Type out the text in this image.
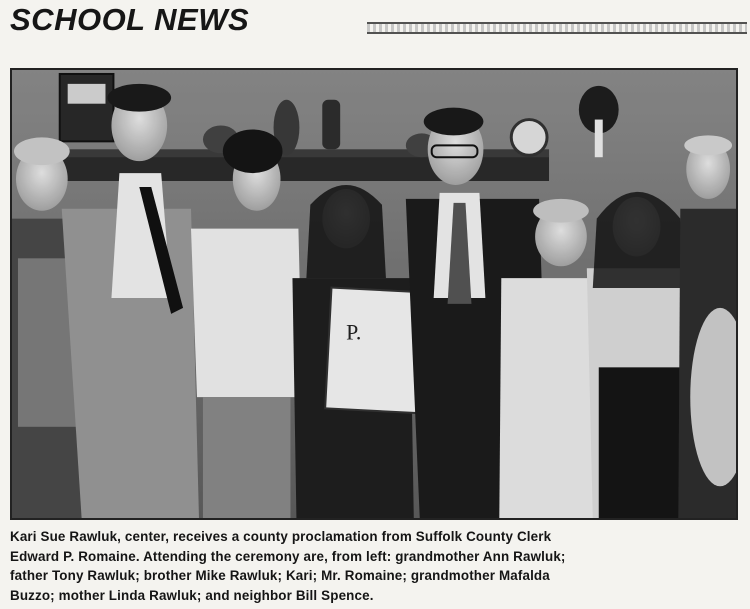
SCHOOL NEWS
P.
Kari Sue Rawluk, center, receives a county proclamation from Suffolk County Clerk
Edward P. Romaine. Attending the ceremony are, from left: grandmother Ann Rawluk;
father Tony Rawluk; brother Mike Rawluk; Kari; Mr. Romaine; grandmother Mafalda
Buzzo; mother Linda Rawluk; and neighbor Bill Spence.
